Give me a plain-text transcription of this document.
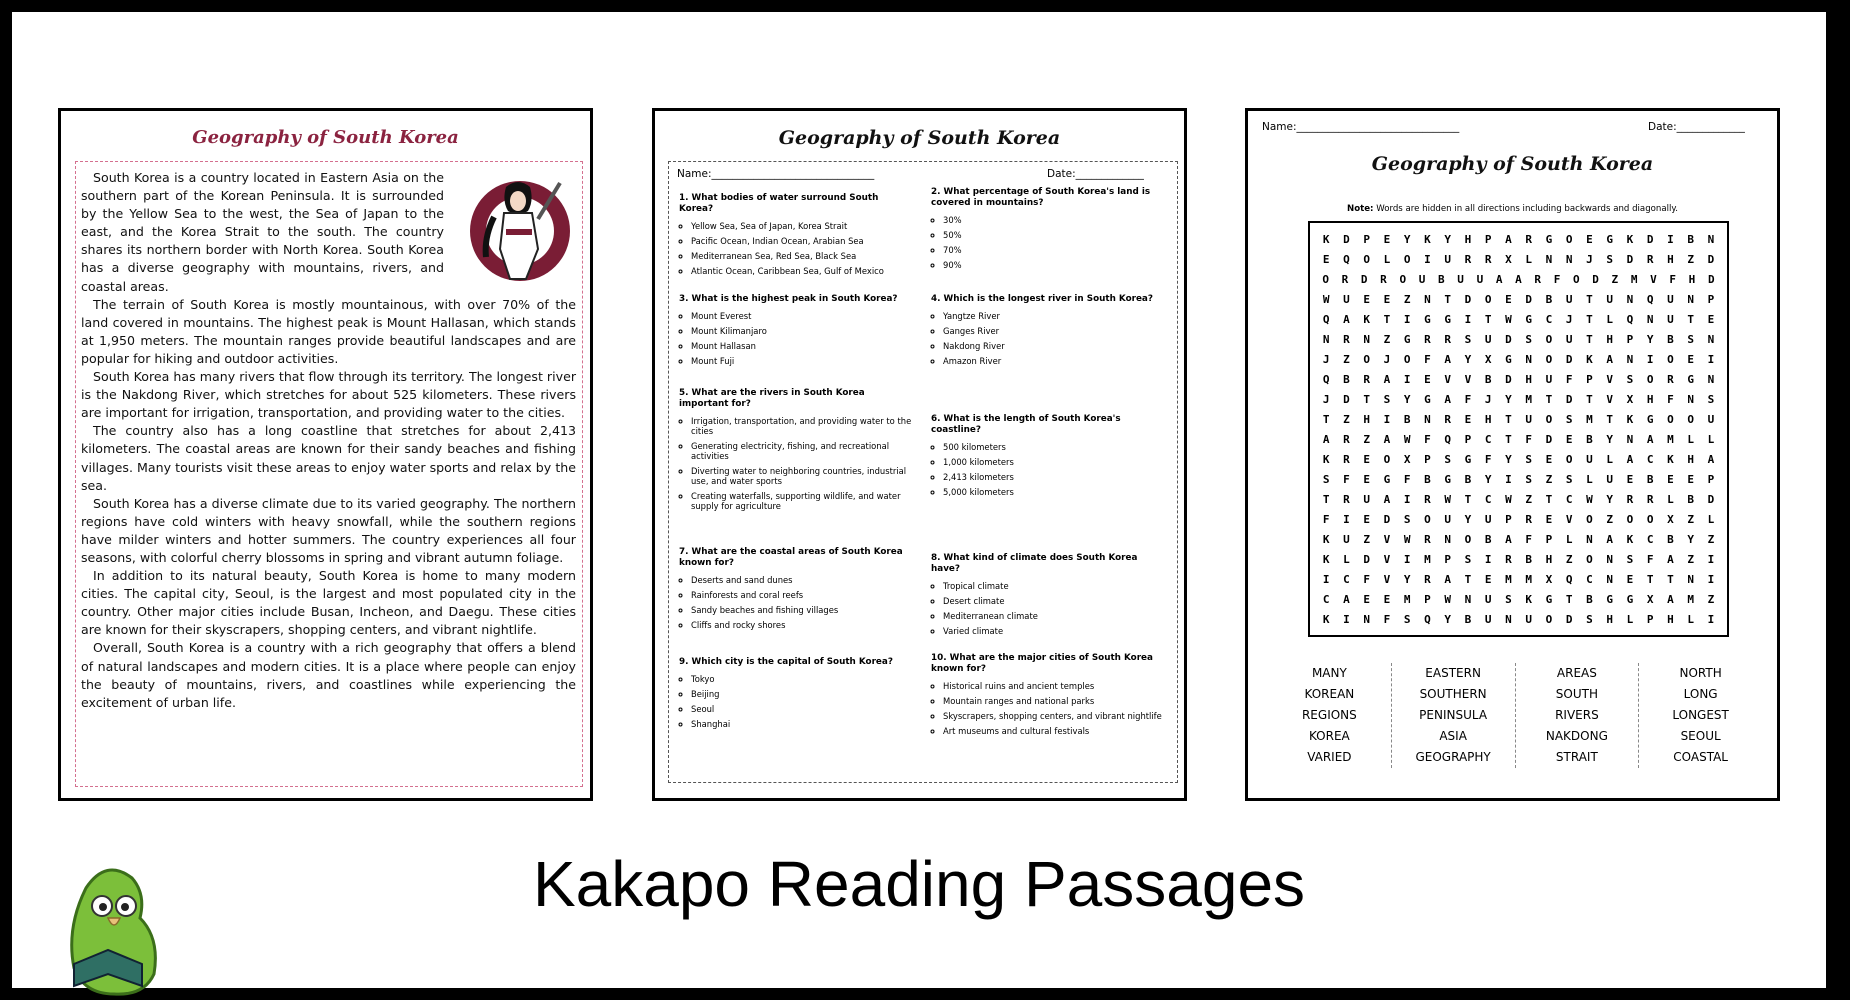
Geography of South Korea

South Korea is a country located in Eastern Asia on the southern part of the Korean Peninsula. It is surrounded by the Yellow Sea to the west, the Sea of Japan to the east, and the Korea Strait to the south. The country shares its northern border with North Korea. South Korea has a diverse geography with mountains, rivers, and coastal areas.

The terrain of South Korea is mostly mountainous, with over 70% of the land covered in mountains. The highest peak is Mount Hallasan, which stands at 1,950 meters. The mountain ranges provide beautiful landscapes and are popular for hiking and outdoor activities.

South Korea has many rivers that flow through its territory. The longest river is the Nakdong River, which stretches for about 525 kilometers. These rivers are important for irrigation, transportation, and providing water to the cities.

The country also has a long coastline that stretches for about 2,413 kilometers. The coastal areas are known for their sandy beaches and fishing villages. Many tourists visit these areas to enjoy water sports and relax by the sea.

South Korea has a diverse climate due to its varied geography. The northern regions have cold winters with heavy snowfall, while the southern regions have milder winters and hotter summers. The country experiences all four seasons, with colorful cherry blossoms in spring and vibrant autumn foliage.

In addition to its natural beauty, South Korea is home to many modern cities. The capital city, Seoul, is the largest and most populated city in the country. Other major cities include Busan, Incheon, and Daegu. These cities are known for their skyscrapers, shopping centers, and vibrant nightlife.

Overall, South Korea is a country with a rich geography that offers a blend of natural landscapes and modern cities. It is a place where people can enjoy the beauty of mountains, rivers, and coastlines while experiencing the excitement of urban life.

Geography of South Korea
Name:_______________________________	Date:_____________
1. What bodies of water surround South Korea?
◦ Yellow Sea, Sea of Japan, Korea Strait
◦ Pacific Ocean, Indian Ocean, Arabian Sea
◦ Mediterranean Sea, Red Sea, Black Sea
◦ Atlantic Ocean, Caribbean Sea, Gulf of Mexico
2. What percentage of South Korea's land is covered in mountains?
◦ 30%
◦ 50%
◦ 70%
◦ 90%
3. What is the highest peak in South Korea?
◦ Mount Everest
◦ Mount Kilimanjaro
◦ Mount Hallasan
◦ Mount Fuji
4. Which is the longest river in South Korea?
◦ Yangtze River
◦ Ganges River
◦ Nakdong River
◦ Amazon River
5. What are the rivers in South Korea important for?
◦ Irrigation, transportation, and providing water to the cities
◦ Generating electricity, fishing, and recreational activities
◦ Diverting water to neighboring countries, industrial use, and water sports
◦ Creating waterfalls, supporting wildlife, and water supply for agriculture
6. What is the length of South Korea's coastline?
◦ 500 kilometers
◦ 1,000 kilometers
◦ 2,413 kilometers
◦ 5,000 kilometers
7. What are the coastal areas of South Korea known for?
◦ Deserts and sand dunes
◦ Rainforests and coral reefs
◦ Sandy beaches and fishing villages
◦ Cliffs and rocky shores
8. What kind of climate does South Korea have?
◦ Tropical climate
◦ Desert climate
◦ Mediterranean climate
◦ Varied climate
9. Which city is the capital of South Korea?
◦ Tokyo
◦ Beijing
◦ Seoul
◦ Shanghai
10. What are the major cities of South Korea known for?
◦ Historical ruins and ancient temples
◦ Mountain ranges and national parks
◦ Skyscrapers, shopping centers, and vibrant nightlife
◦ Art museums and cultural festivals
Name:_______________________________	Date:_____________
Geography of South Korea
Note: Words are hidden in all directions including backwards and diagonally.
K D P E Y K Y H P A R G O E G K D I B N
E Q O L O I U R R X L N N J S D R H Z D
O R D R O U B U U A A R F O D Z M V F H D
W U E E Z N T D O E D B U T U N Q U N P
Q A K T I G G I T W G C J T L Q N U T E
N R N Z G R R S U D S O U T H P Y B S N
J Z O J O F A Y X G N O D K A N I O E I
Q B R A I E V V B D H U F P V S O R G N
J D T S Y G A F J Y M T D T V X H F N S
T Z H I B N R E H T U O S M T K G O O U
A R Z A W F Q P C T F D E B Y N A M L L
K R E O X P S G F Y S E O U L A C K H A
S F E G F B G B Y I S Z S L U E B E E P
T R U A I R W T C W Z T C W Y R R L B D
F I E D S O U Y U P R E V O Z O O X Z L
K U Z V W R N O B A F P L N A K C B Y Z
K L D V I M P S I R B H Z O N S F A Z I
I C F V Y R A T E M M X Q C N E T T N I
C A E E M P W N U S K G T B G G X A M Z
K I N F S Q Y B U N U O D S H L P H L I
MANY
KOREAN
REGIONS
KOREA
VARIED
EASTERN
SOUTHERN
PENINSULA
ASIA
GEOGRAPHY
AREAS
SOUTH
RIVERS
NAKDONG
STRAIT
NORTH
LONG
LONGEST
SEOUL
COASTAL
Kakapo Reading Passages
